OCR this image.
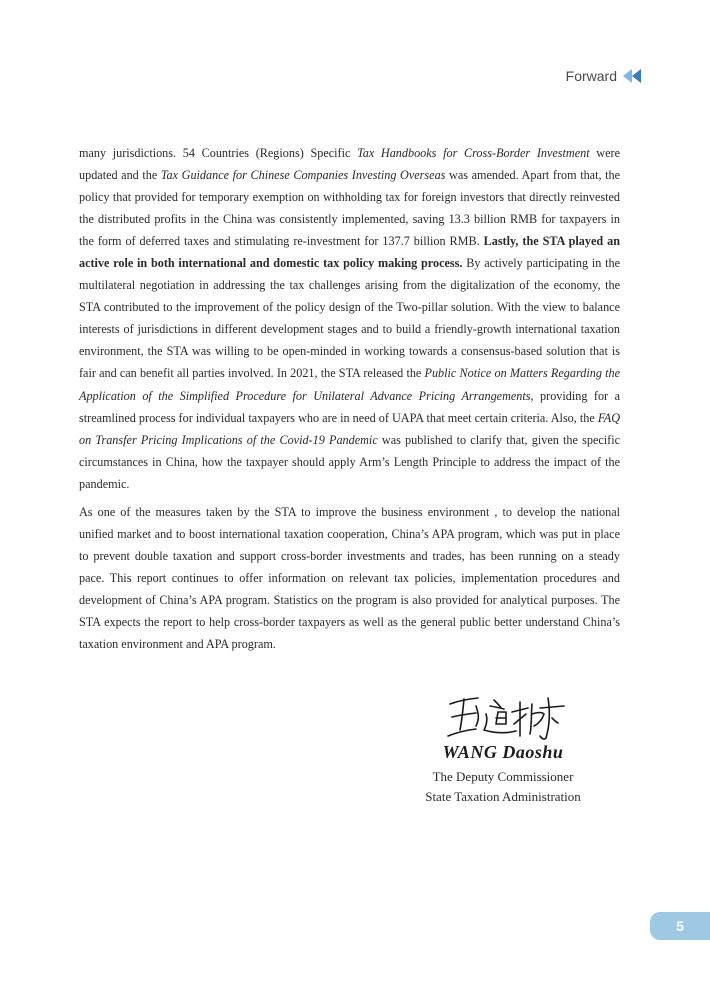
Forward

many jurisdictions. 54 Countries (Regions) Specific Tax Handbooks for Cross-Border Investment were updated and the Tax Guidance for Chinese Companies Investing Overseas was amended. Apart from that, the policy that provided for temporary exemption on withholding tax for foreign investors that directly reinvested the distributed profits in the China was consistently implemented, saving 13.3 billion RMB for taxpayers in the form of deferred taxes and stimulating re-investment for 137.7 billion RMB. Lastly, the STA played an active role in both international and domestic tax policy making process. By actively participating in the multilateral negotiation in addressing the tax challenges arising from the digitalization of the economy, the STA contributed to the improvement of the policy design of the Two-pillar solution. With the view to balance interests of jurisdictions in different development stages and to build a friendly-growth international taxation environment, the STA was willing to be open-minded in working towards a consensus-based solution that is fair and can benefit all parties involved. In 2021, the STA released the Public Notice on Matters Regarding the Application of the Simplified Procedure for Unilateral Advance Pricing Arrangements, providing for a streamlined process for individual taxpayers who are in need of UAPA that meet certain criteria. Also, the FAQ on Transfer Pricing Implications of the Covid-19 Pandemic was published to clarify that, given the specific circumstances in China, how the taxpayer should apply Arm’s Length Principle to address the impact of the pandemic.

As one of the measures taken by the STA to improve the business environment , to develop the national unified market and to boost international taxation cooperation, China’s APA program, which was put in place to prevent double taxation and support cross-border investments and trades, has been running on a steady pace. This report continues to offer information on relevant tax policies, implementation procedures and development of China’s APA program. Statistics on the program is also provided for analytical purposes. The STA expects the report to help cross-border taxpayers as well as the general public better understand China’s taxation environment and APA program.

WANG Daoshu
The Deputy Commissioner
State Taxation Administration
5
